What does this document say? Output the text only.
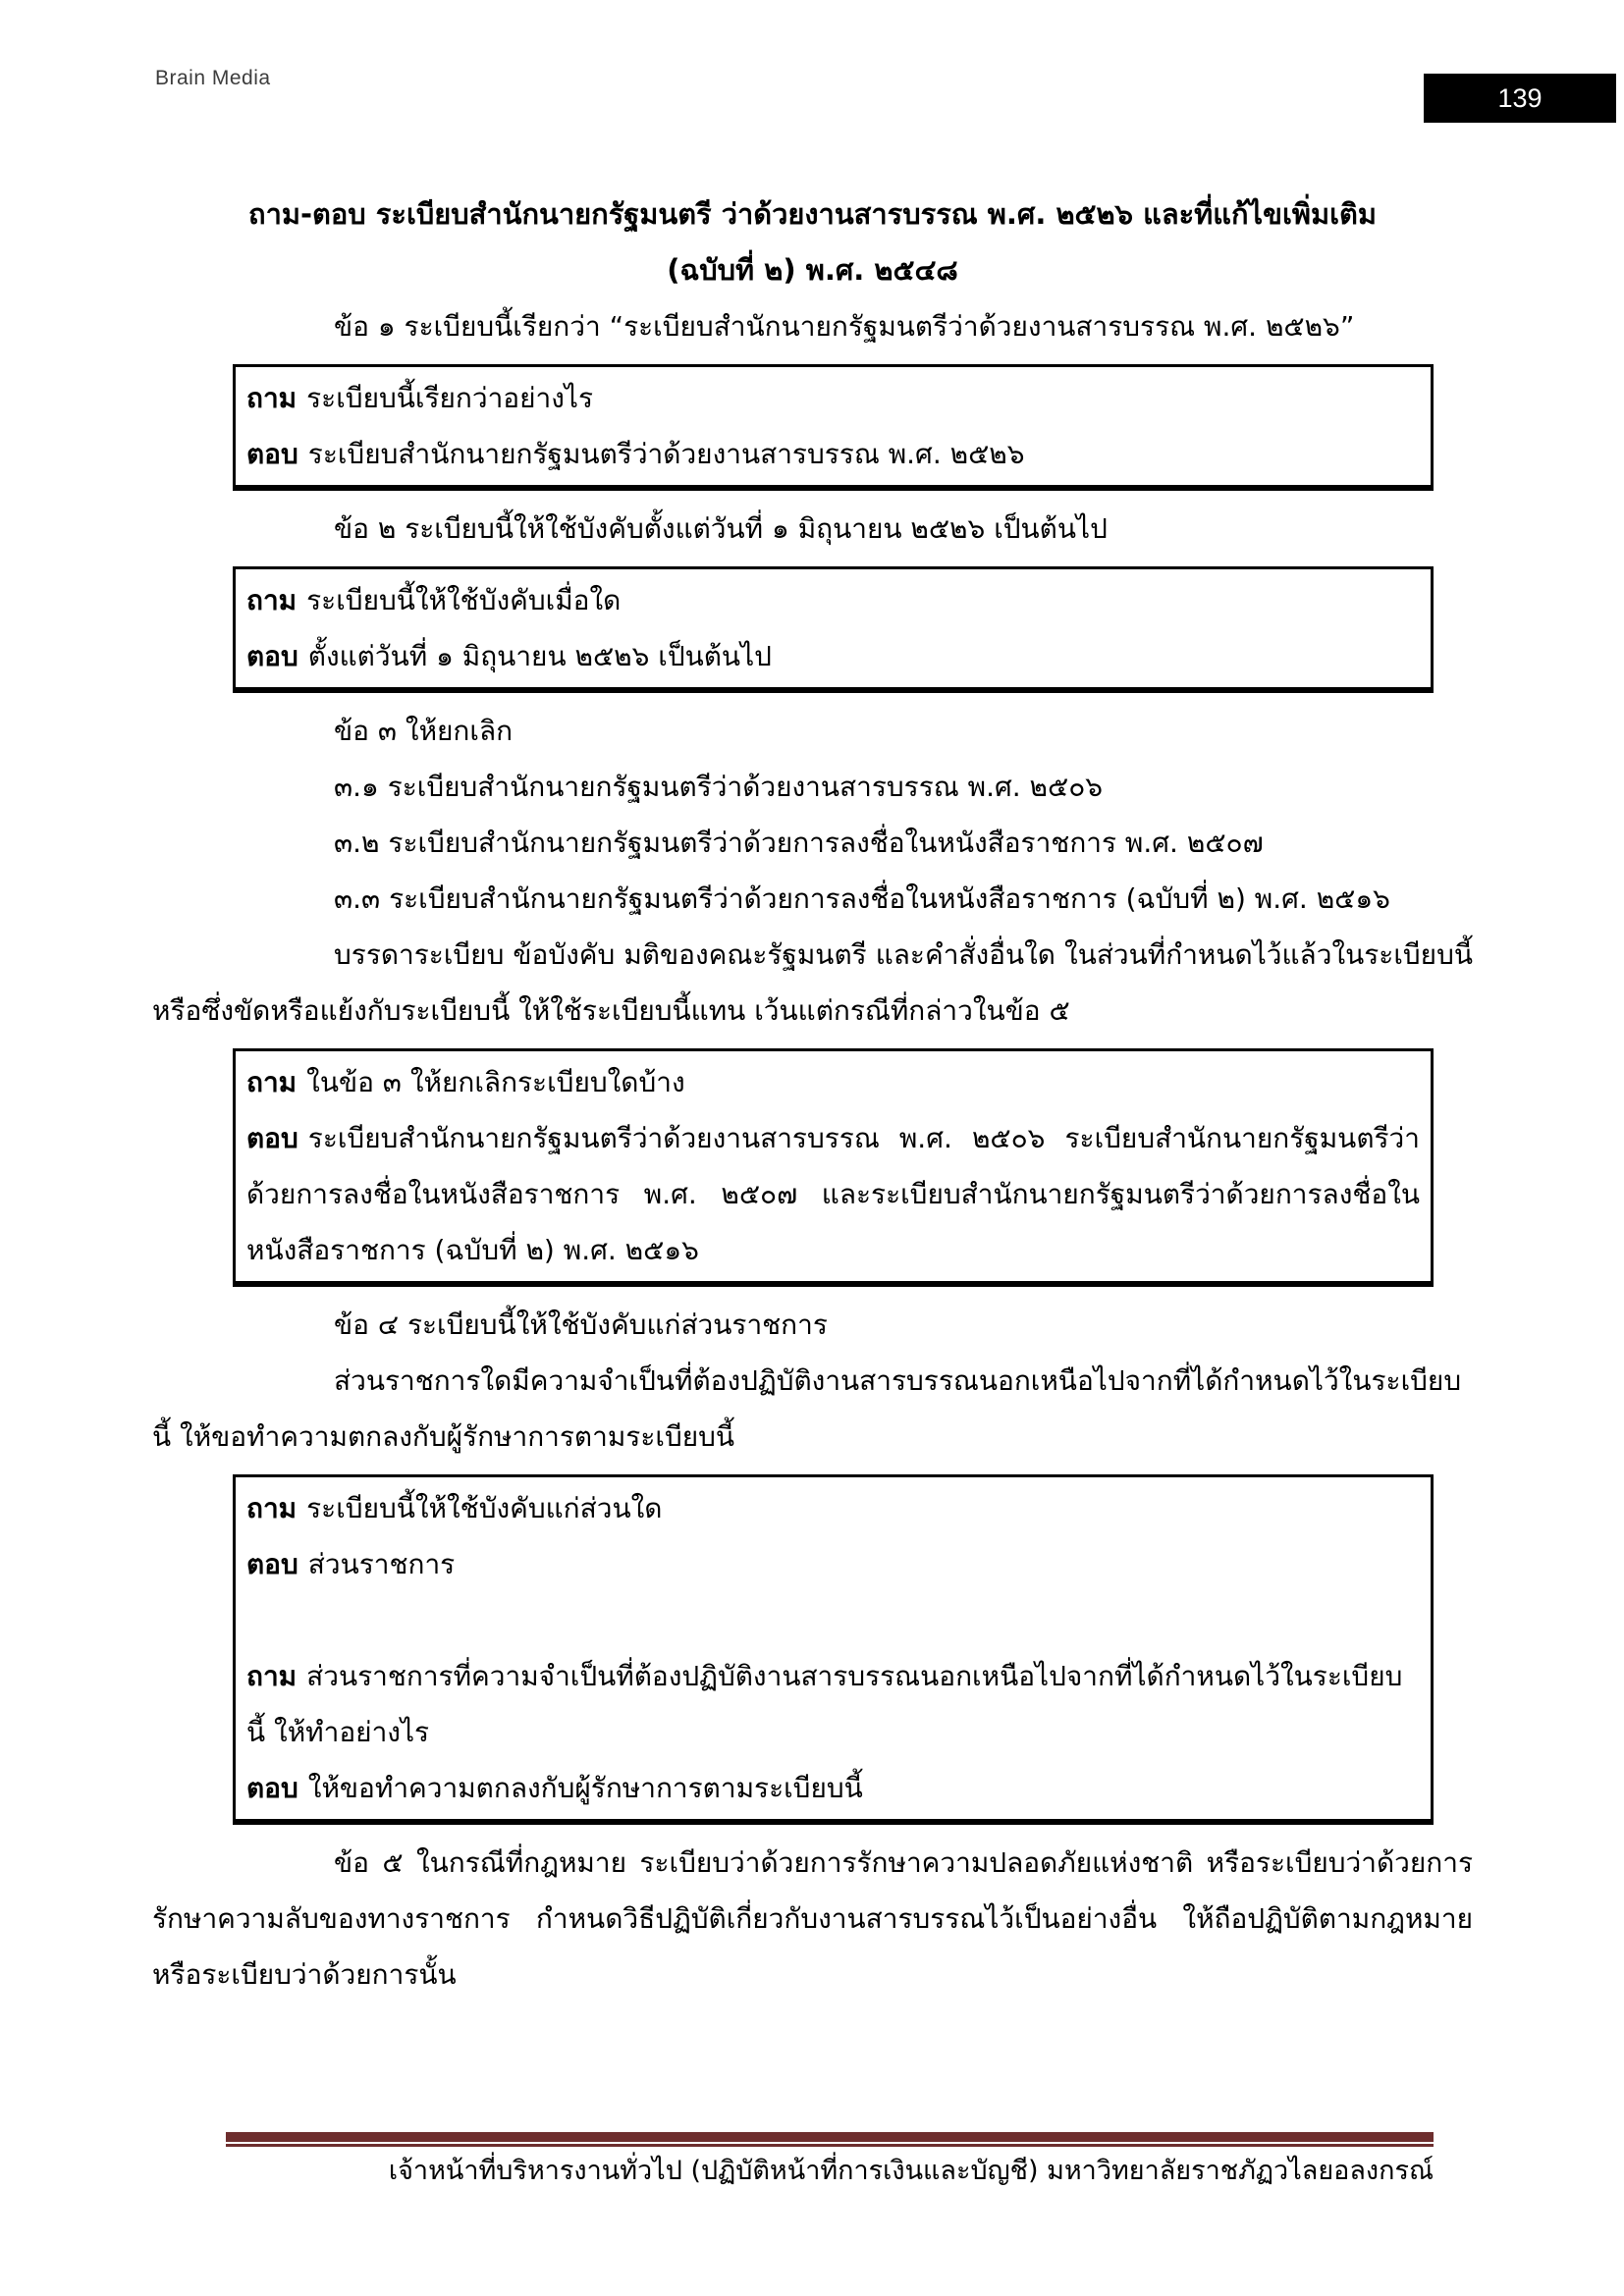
Brain Media
139

ถาม-ตอบ ระเบียบสำนักนายกรัฐมนตรี ว่าด้วยงานสารบรรณ พ.ศ. ๒๕๒๖ และที่แก้ไขเพิ่มเติม

(ฉบับที่ ๒) พ.ศ. ๒๕๔๘

ข้อ ๑ ระเบียบนี้เรียกว่า “ระเบียบสำนักนายกรัฐมนตรีว่าด้วยงานสารบรรณ พ.ศ. ๒๕๒๖”

ถาม ระเบียบนี้เรียกว่าอย่างไร

ตอบ ระเบียบสำนักนายกรัฐมนตรีว่าด้วยงานสารบรรณ พ.ศ. ๒๕๒๖

ข้อ ๒ ระเบียบนี้ให้ใช้บังคับตั้งแต่วันที่ ๑ มิถุนายน ๒๕๒๖ เป็นต้นไป

ถาม ระเบียบนี้ให้ใช้บังคับเมื่อใด

ตอบ ตั้งแต่วันที่ ๑ มิถุนายน ๒๕๒๖ เป็นต้นไป

ข้อ ๓ ให้ยกเลิก

๓.๑ ระเบียบสำนักนายกรัฐมนตรีว่าด้วยงานสารบรรณ พ.ศ. ๒๕๐๖

๓.๒ ระเบียบสำนักนายกรัฐมนตรีว่าด้วยการลงชื่อในหนังสือราชการ พ.ศ. ๒๕๐๗

๓.๓ ระเบียบสำนักนายกรัฐมนตรีว่าด้วยการลงชื่อในหนังสือราชการ (ฉบับที่ ๒) พ.ศ. ๒๕๑๖

บรรดาระเบียบ ข้อบังคับ มติของคณะรัฐมนตรี และคำสั่งอื่นใด ในส่วนที่กำหนดไว้แล้วในระเบียบนี้ หรือซึ่งขัดหรือแย้งกับระเบียบนี้ ให้ใช้ระเบียบนี้แทน เว้นแต่กรณีที่กล่าวในข้อ ๕

ถาม ในข้อ ๓ ให้ยกเลิกระเบียบใดบ้าง

ตอบ ระเบียบสำนักนายกรัฐมนตรีว่าด้วยงานสารบรรณ พ.ศ. ๒๕๐๖ ระเบียบสำนักนายกรัฐมนตรีว่าด้วยการลงชื่อในหนังสือราชการ พ.ศ. ๒๕๐๗ และระเบียบสำนักนายกรัฐมนตรีว่าด้วยการลงชื่อในหนังสือราชการ (ฉบับที่ ๒) พ.ศ. ๒๕๑๖

ข้อ ๔ ระเบียบนี้ให้ใช้บังคับแก่ส่วนราชการ

ส่วนราชการใดมีความจำเป็นที่ต้องปฏิบัติงานสารบรรณนอกเหนือไปจากที่ได้กำหนดไว้ในระเบียบนี้ ให้ขอทำความตกลงกับผู้รักษาการตามระเบียบนี้

ถาม ระเบียบนี้ให้ใช้บังคับแก่ส่วนใด

ตอบ ส่วนราชการ

ถาม ส่วนราชการที่ความจำเป็นที่ต้องปฏิบัติงานสารบรรณนอกเหนือไปจากที่ได้กำหนดไว้ในระเบียบนี้ ให้ทำอย่างไร

ตอบ ให้ขอทำความตกลงกับผู้รักษาการตามระเบียบนี้

ข้อ ๕ ในกรณีที่กฎหมาย ระเบียบว่าด้วยการรักษาความปลอดภัยแห่งชาติ หรือระเบียบว่าด้วยการรักษาความลับของทางราชการ กำหนดวิธีปฏิบัติเกี่ยวกับงานสารบรรณไว้เป็นอย่างอื่น ให้ถือปฏิบัติตามกฎหมาย หรือระเบียบว่าด้วยการนั้น

เจ้าหน้าที่บริหารงานทั่วไป (ปฏิบัติหน้าที่การเงินและบัญชี) มหาวิทยาลัยราชภัฏวไลยอลงกรณ์
